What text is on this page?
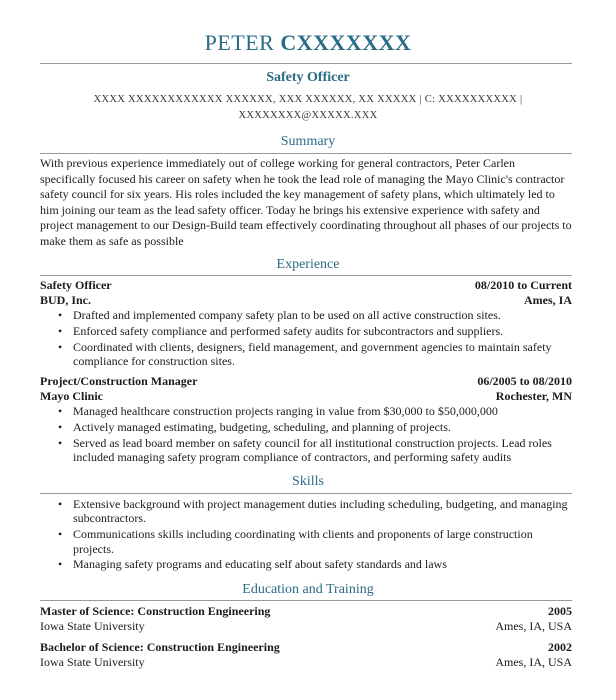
PETER CXXXXXXX
Safety Officer
XXXX XXXXXXXXXXXX XXXXXX, XXX XXXXXX, XX XXXXX | C: XXXXXXXXXX |
XXXXXXXX@XXXXX.XXX
Summary
With previous experience immediately out of college working for general contractors, Peter Carlen specifically focused his career on safety when he took the lead role of managing the Mayo Clinic's contractor safety council for six years. His roles included the key management of safety plans, which ultimately led to him joining our team as the lead safety officer. Today he brings his extensive experience with safety and project management to our Design-Build team effectively coordinating throughout all phases of our projects to make them as safe as possible
Experience
Safety Officer	08/2010 to Current
BUD, Inc.	Ames, IA
• Drafted and implemented company safety plan to be used on all active construction sites.
• Enforced safety compliance and performed safety audits for subcontractors and suppliers.
• Coordinated with clients, designers, field management, and government agencies to maintain safety compliance for construction sites.
Project/Construction Manager	06/2005 to 08/2010
Mayo Clinic	Rochester, MN
• Managed healthcare construction projects ranging in value from $30,000 to $50,000,000
• Actively managed estimating, budgeting, scheduling, and planning of projects.
• Served as lead board member on safety council for all institutional construction projects. Lead roles included managing safety program compliance of contractors, and performing safety audits
Skills
• Extensive background with project management duties including scheduling, budgeting, and managing subcontractors.
• Communications skills including coordinating with clients and proponents of large construction projects.
• Managing safety programs and educating self about safety standards and laws
Education and Training
Master of Science: Construction Engineering	2005
Iowa State University	Ames, IA, USA
Bachelor of Science: Construction Engineering	2002
Iowa State University	Ames, IA, USA
